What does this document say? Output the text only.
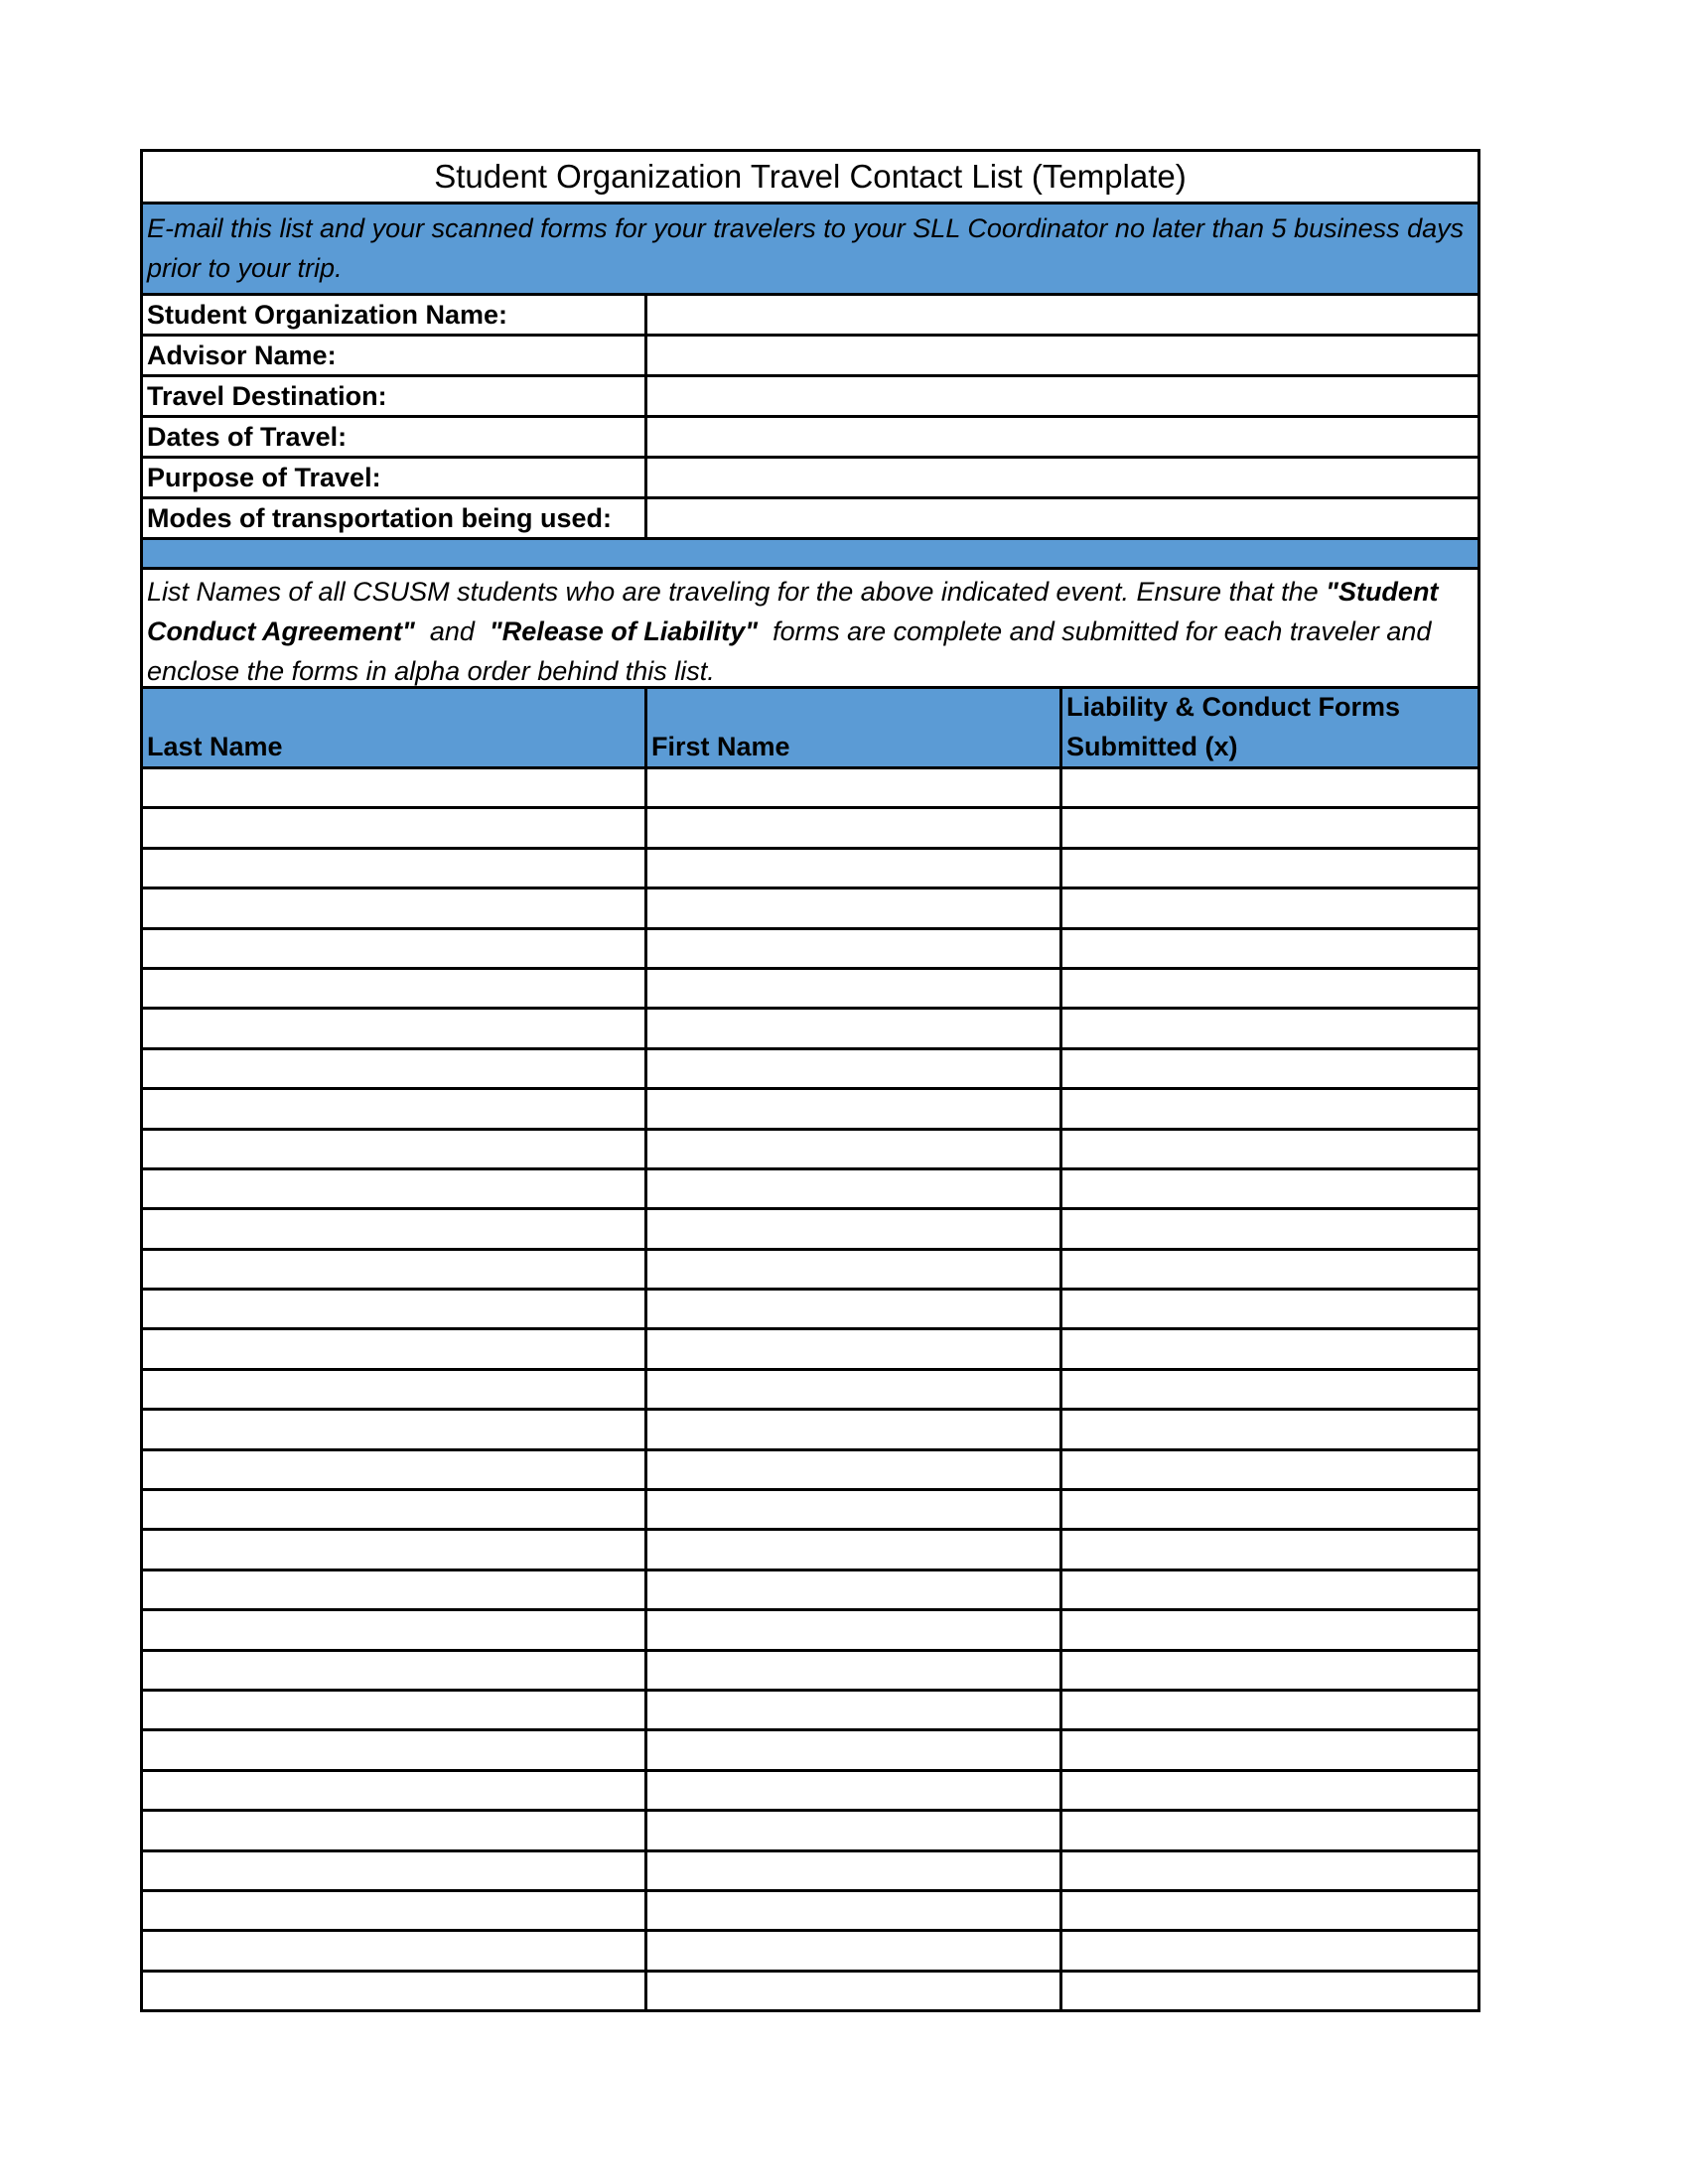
Student Organization Travel Contact List (Template)
E-mail this list and your scanned forms for your travelers to your SLL Coordinator no later than 5 business days prior to your trip.
Student Organization Name:
Advisor Name:
Travel Destination:
Dates of Travel:
Purpose of Travel:
Modes of transportation being used:
List Names of all CSUSM students who are traveling for the above indicated event. Ensure that the "Student Conduct Agreement"  and  "Release of Liability"  forms are complete and submitted for each traveler and enclose the forms in alpha order behind this list.
Last Name	First Name
Liability & Conduct Forms Submitted (x)
